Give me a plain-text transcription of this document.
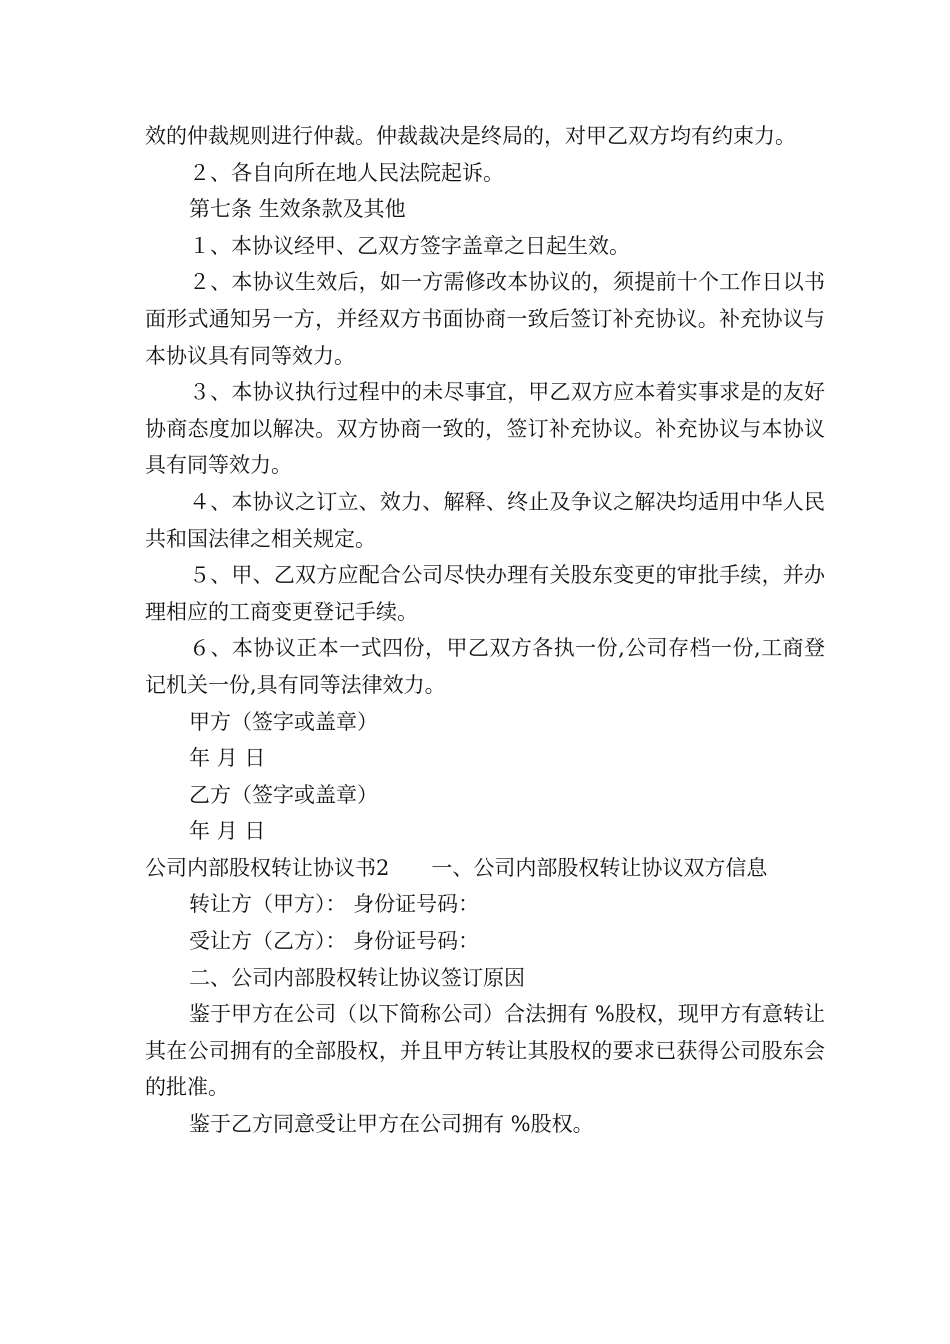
效的仲裁规则进行仲裁。仲裁裁决是终局的，对甲乙双方均有约束力。

２、各自向所在地人民法院起诉。

第七条 生效条款及其他

１、本协议经甲、乙双方签字盖章之日起生效。

２、本协议生效后，如一方需修改本协议的，须提前十个工作日以书面形式通知另一方，并经双方书面协商一致后签订补充协议。补充协议与本协议具有同等效力。

３、本协议执行过程中的未尽事宜，甲乙双方应本着实事求是的友好协商态度加以解决。双方协商一致的，签订补充协议。补充协议与本协议具有同等效力。

４、本协议之订立、效力、解释、终止及争议之解决均适用中华人民共和国法律之相关规定。

５、甲、乙双方应配合公司尽快办理有关股东变更的审批手续，并办理相应的工商变更登记手续。

６、本协议正本一式四份，甲乙双方各执一份,公司存档一份,工商登记机关一份,具有同等法律效力。

甲方（签字或盖章）

年 月 日

乙方（签字或盖章）

年 月 日

公司内部股权转让协议书2　　一、公司内部股权转让协议双方信息

转让方（甲方）： 身份证号码：

受让方（乙方）： 身份证号码：

二、公司内部股权转让协议签订原因

鉴于甲方在公司（以下简称公司）合法拥有 %股权，现甲方有意转让其在公司拥有的全部股权，并且甲方转让其股权的要求已获得公司股东会的批准。

鉴于乙方同意受让甲方在公司拥有 %股权。
